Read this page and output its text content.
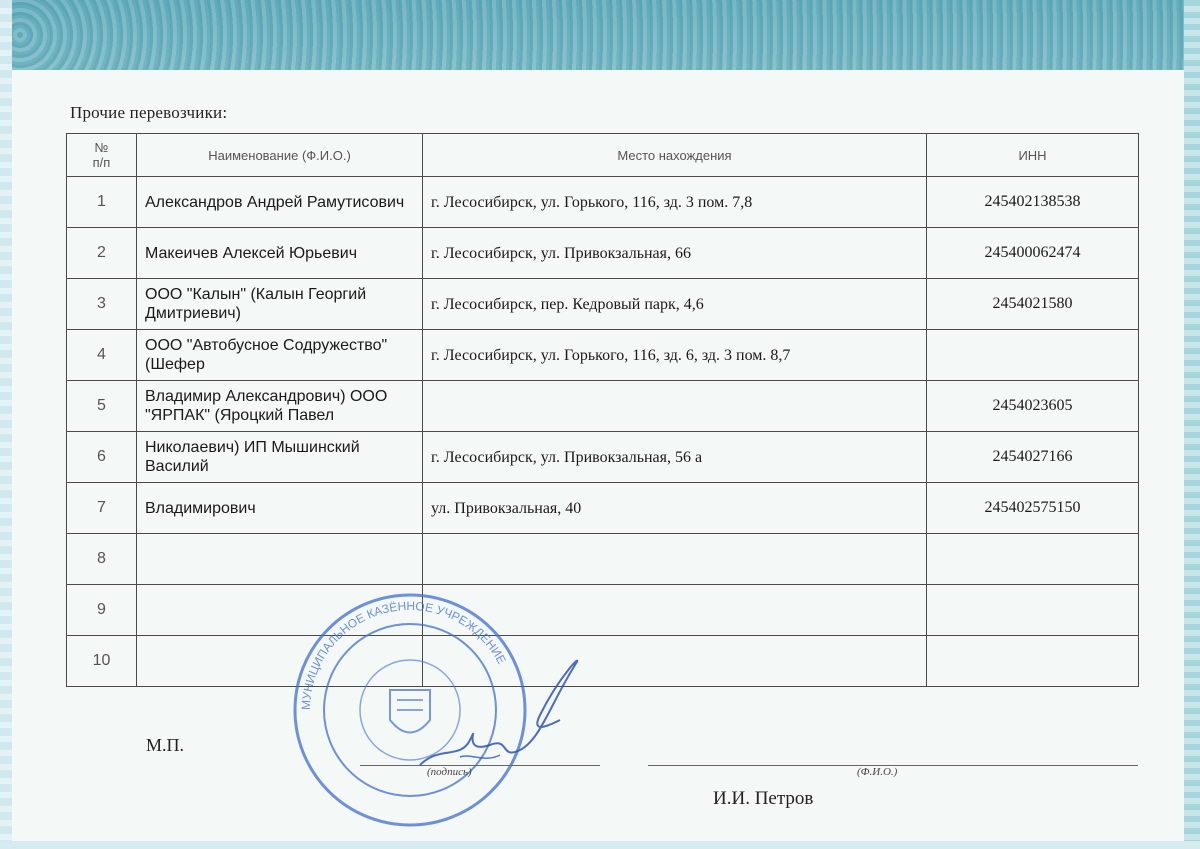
Прочие перевозчики:
№
п/п	Наименование (Ф.И.О.)	Место нахождения	ИНН
1	Александров Андрей Рамутисович	г. Лесосибирск, ул. Горького, 116, зд. 3 пом. 7,8	245402138538
2	Макеичев Алексей Юрьевич	г. Лесосибирск, ул. Привокзальная, 66	245400062474
3	ООО "Калын" (Калын Георгий Дмитриевич)	г. Лесосибирск, пер. Кедровый парк, 4,6	2454021580
4	ООО "Автобусное Содружество" (Шефер	г. Лесосибирск, ул. Горького, 116, зд. 6, зд. 3 пом. 8,7	
5	Владимир Александрович) ООО "ЯРПАК" (Яроцкий Павел		2454023605
6	Николаевич) ИП Мышинский Василий	г. Лесосибирск, ул. Привокзальная, 56 а	2454027166
7	Владимирович	ул. Привокзальная, 40	245402575150
8			
9			
10			
МУНИЦИПАЛЬНОЕ КАЗЁННОЕ УЧРЕЖДЕНИЕ
М.П.
(подпись)	(Ф.И.О.)
И.И. Петров
